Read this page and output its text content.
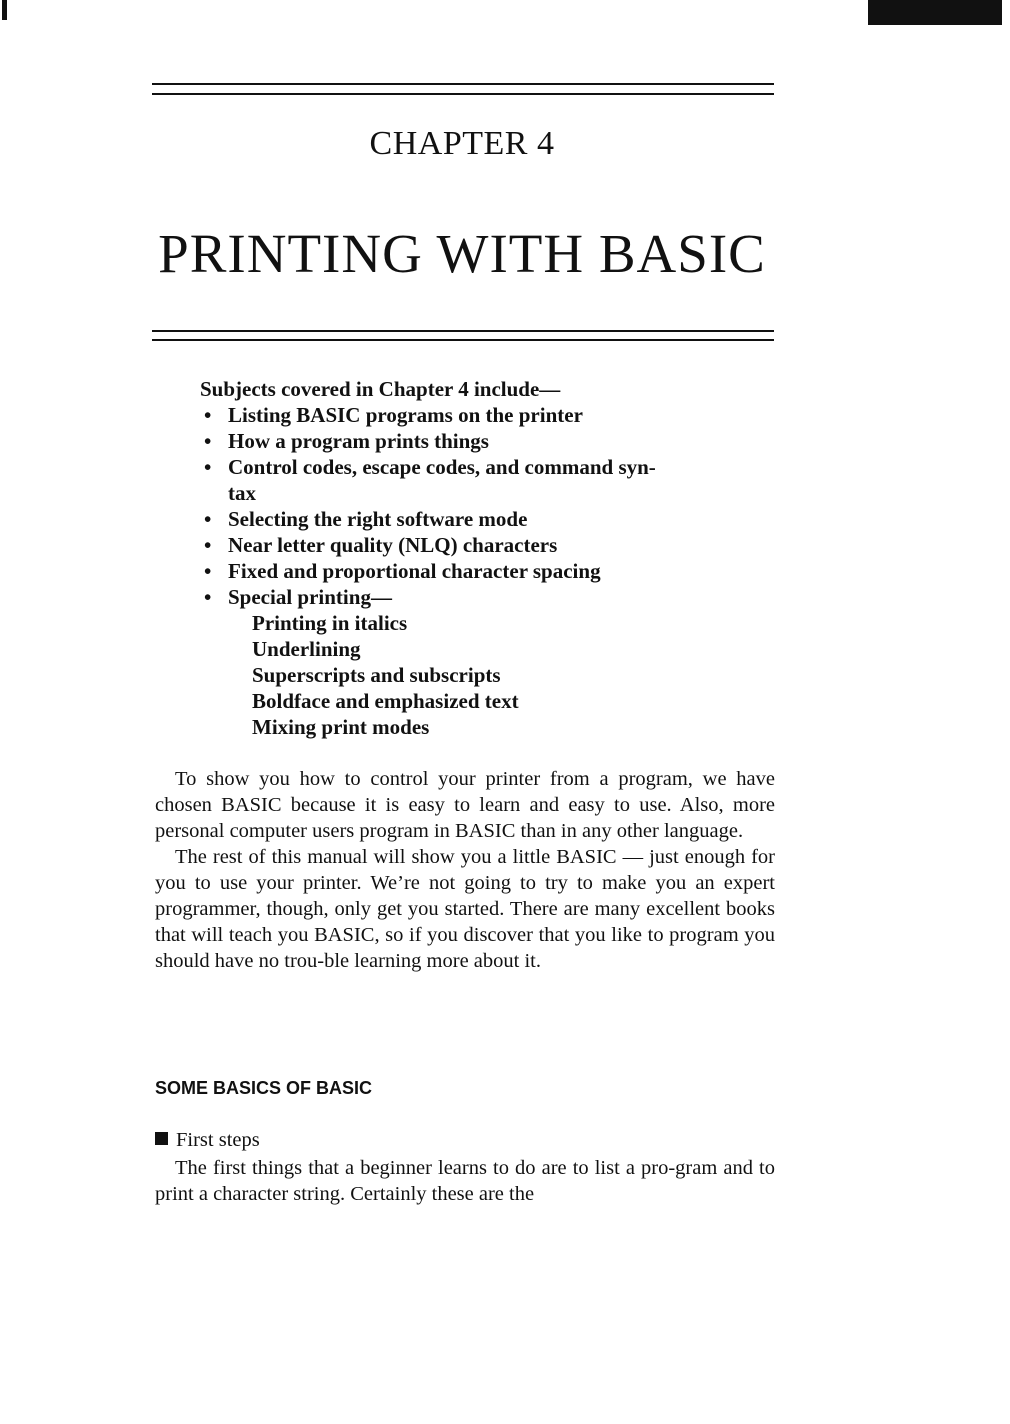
CHAPTER 4
PRINTING WITH BASIC

Subjects covered in Chapter 4 include—

• Listing BASIC programs on the printer
• How a program prints things
• Control codes, escape codes, and command syn-
tax
• Selecting the right software mode
• Near letter quality (NLQ) characters
• Fixed and proportional character spacing
• Special printing—
Printing in italics
Underlining
Superscripts and subscripts
Boldface and emphasized text
Mixing print modes

To show you how to control your printer from a program, we have chosen BASIC because it is easy to learn and easy to use. Also, more personal computer users program in BASIC than in any other language.

The rest of this manual will show you a little BASIC — just enough for you to use your printer. We’re not going to try to make you an expert programmer, though, only get you started. There are many excellent books that will teach you BASIC, so if you discover that you like to program you should have no trou-ble learning more about it.

SOME BASICS OF BASIC
First steps

The first things that a beginner learns to do are to list a pro-gram and to print a character string. Certainly these are the
